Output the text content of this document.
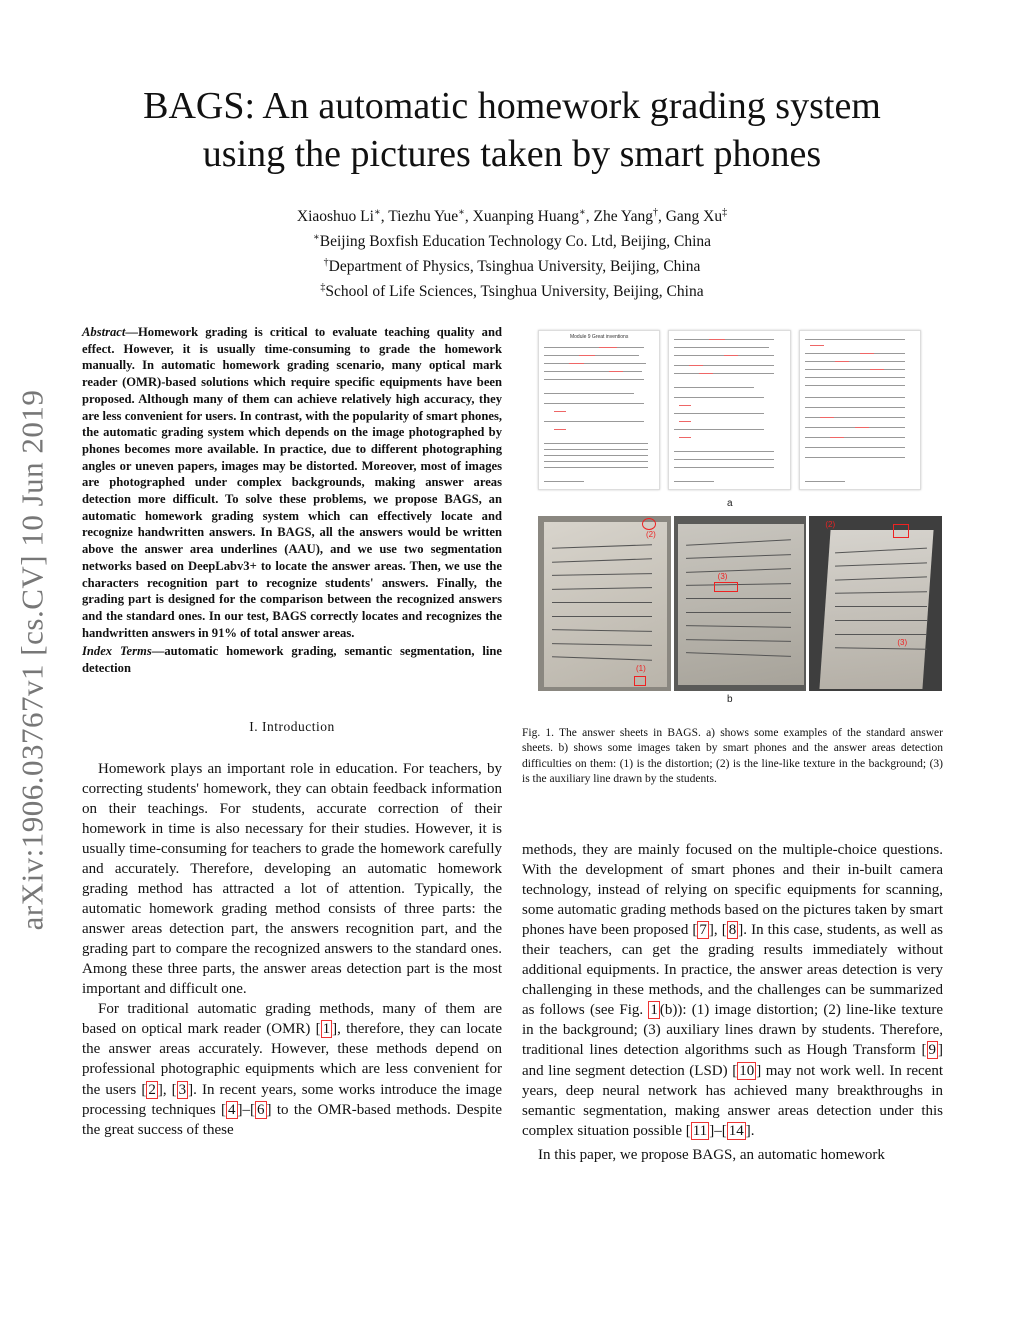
arXiv:1906.03767v1 [cs.CV] 10 Jun 2019
BAGS: An automatic homework grading system
using the pictures taken by smart phones
Xiaoshuo Li∗, Tiezhu Yue∗, Xuanping Huang∗, Zhe Yang†, Gang Xu‡
∗Beijing Boxfish Education Technology Co. Ltd, Beijing, China
†Department of Physics, Tsinghua University, Beijing, China
‡School of Life Sciences, Tsinghua University, Beijing, China

Abstract—Homework grading is critical to evaluate teaching quality and effect. However, it is usually time-consuming to grade the homework manually. In automatic homework grading scenario, many optical mark reader (OMR)-based solutions which require specific equipments have been proposed. Although many of them can achieve relatively high accuracy, they are less convenient for users. In contrast, with the popularity of smart phones, the automatic grading system which depends on the image photographed by phones becomes more available. In practice, due to different photographing angles or uneven papers, images may be distorted. Moreover, most of images are photographed under complex backgrounds, making answer areas detection more difficult. To solve these problems, we propose BAGS, an automatic homework grading system which can effectively locate and recognize handwritten answers. In BAGS, all the answers would be written above the answer area underlines (AAU), and we use two segmentation networks based on DeepLabv3+ to locate the answer areas. Then, we use the characters recognition part to recognize students' answers. Finally, the grading part is designed for the comparison between the recognized answers and the standard ones. In our test, BAGS correctly locates and recognizes the handwritten answers in 91% of total answer areas.

Index Terms—automatic homework grading, semantic segmentation, line detection

I. Introduction

Homework plays an important role in education. For teachers, by correcting students' homework, they can obtain feedback information on their teachings. For students, accurate correction of their homework in time is also necessary for their studies. However, it is usually time-consuming for teachers to grade the homework carefully and accurately. Therefore, developing an automatic homework grading method has attracted a lot of attention. Typically, the automatic homework grading method consists of three parts: the answer areas detection part, the answers recognition part, and the grading part to compare the recognized answers to the standard ones. Among these three parts, the answer areas detection part is the most important and difficult one.

For traditional automatic grading methods, many of them are based on optical mark reader (OMR) [ 1 ], therefore, they can locate the answer areas accurately. However, these methods depend on professional photographic equipments which are less convenient for the users [ 2 ], [ 3 ]. In recent years, some works introduce the image processing techniques [ 4 ]–[ 6 ] to the OMR-based methods. Despite the great success of these

Module 9 Great inventions
a
(2)
(1)
(3)
(2)
(3)
b
Fig. 1. The answer sheets in BAGS. a) shows some examples of the standard answer sheets. b) shows some images taken by smart phones and the answer areas detection difficulties on them: (1) is the distortion; (2) is the line-like texture in the background; (3) is the auxiliary line drawn by the students.

methods, they are mainly focused on the multiple-choice questions. With the development of smart phones and their in-built camera technology, instead of relying on specific equipments for scanning, some automatic grading methods based on the pictures taken by smart phones have been proposed [ 7 ], [ 8 ]. In this case, students, as well as their teachers, can get the grading results immediately without additional equipments. In practice, the answer areas detection is very challenging in these methods, and the challenges can be summarized as follows (see Fig. 1 (b)): (1) image distortion; (2) line-like texture in the background; (3) auxiliary lines drawn by students. Therefore, traditional lines detection algorithms such as Hough Transform [ 9 ] and line segment detection (LSD) [ 10 ] may not work well. In recent years, deep neural network has achieved many breakthroughs in semantic segmentation, making answer areas detection under this complex situation possible [ 11 ]–[ 14 ].

In this paper, we propose BAGS, an automatic homework
